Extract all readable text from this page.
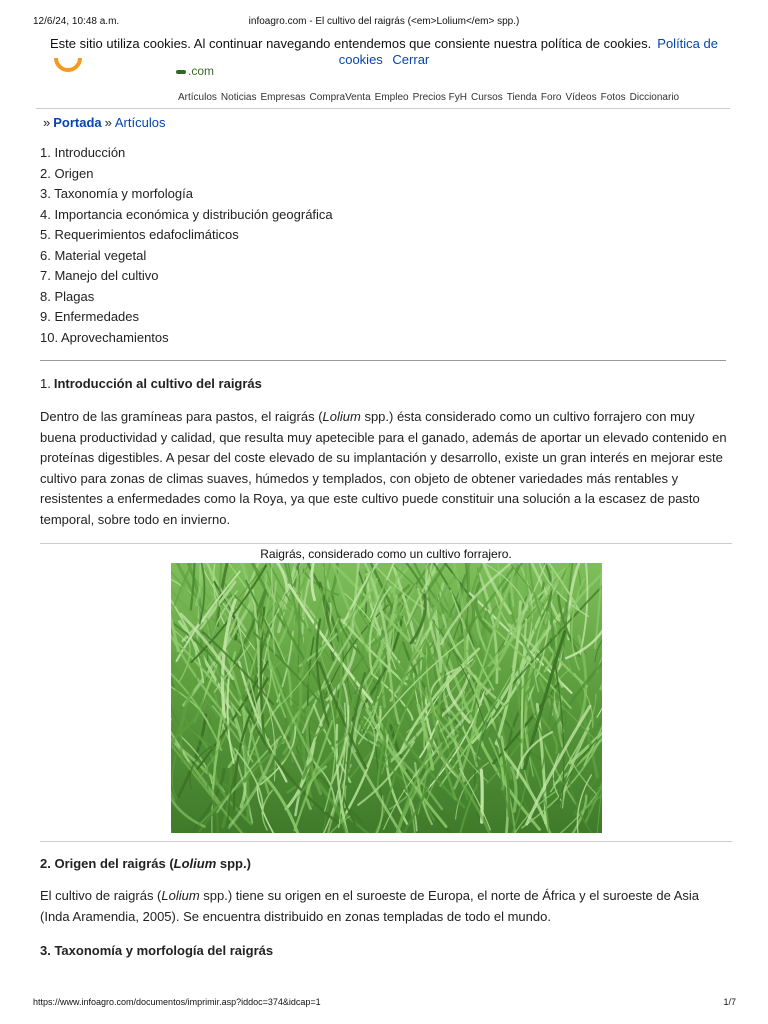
12/6/24, 10:48 a.m.	infoagro.com - El cultivo del raigrás (<em>Lolium</em> spp.)
Este sitio utiliza cookies. Al continuar navegando entendemos que consiente nuestra política de cookies. Política de cookies Cerrar
.com
Artículos Noticias Empresas CompraVenta Empleo Precios FyH Cursos Tienda Foro Vídeos Fotos Diccionario
» Portada » Artículos
1. Introducción
2. Origen
3. Taxonomía y morfología
4. Importancia económica y distribución geográfica
5. Requerimientos edafoclimáticos
6. Material vegetal
7. Manejo del cultivo
8. Plagas
9. Enfermedades
10. Aprovechamientos
1. Introducción al cultivo del raigrás

Dentro de las gramíneas para pastos, el raigrás (Lolium spp.) ésta considerado como un cultivo forrajero con muy buena productividad y calidad, que resulta muy apetecible para el ganado, además de aportar un elevado contenido en proteínas digestibles. A pesar del coste elevado de su implantación y desarrollo, existe un gran interés en mejorar este cultivo para zonas de climas suaves, húmedos y templados, con objeto de obtener variedades más rentables y resistentes a enfermedades como la Roya, ya que este cultivo puede constituir una solución a la escasez de pasto temporal, sobre todo en invierno.

Raigrás, considerado como un cultivo forrajero.
2. Origen del raigrás (Lolium spp.)

El cultivo de raigrás (Lolium spp.) tiene su origen en el suroeste de Europa, el norte de África y el suroeste de Asia (Inda Aramendia, 2005). Se encuentra distribuido en zonas templadas de todo el mundo.

3. Taxonomía y morfología del raigrás
https://www.infoagro.com/documentos/imprimir.asp?iddoc=374&idcap=1	1/7
